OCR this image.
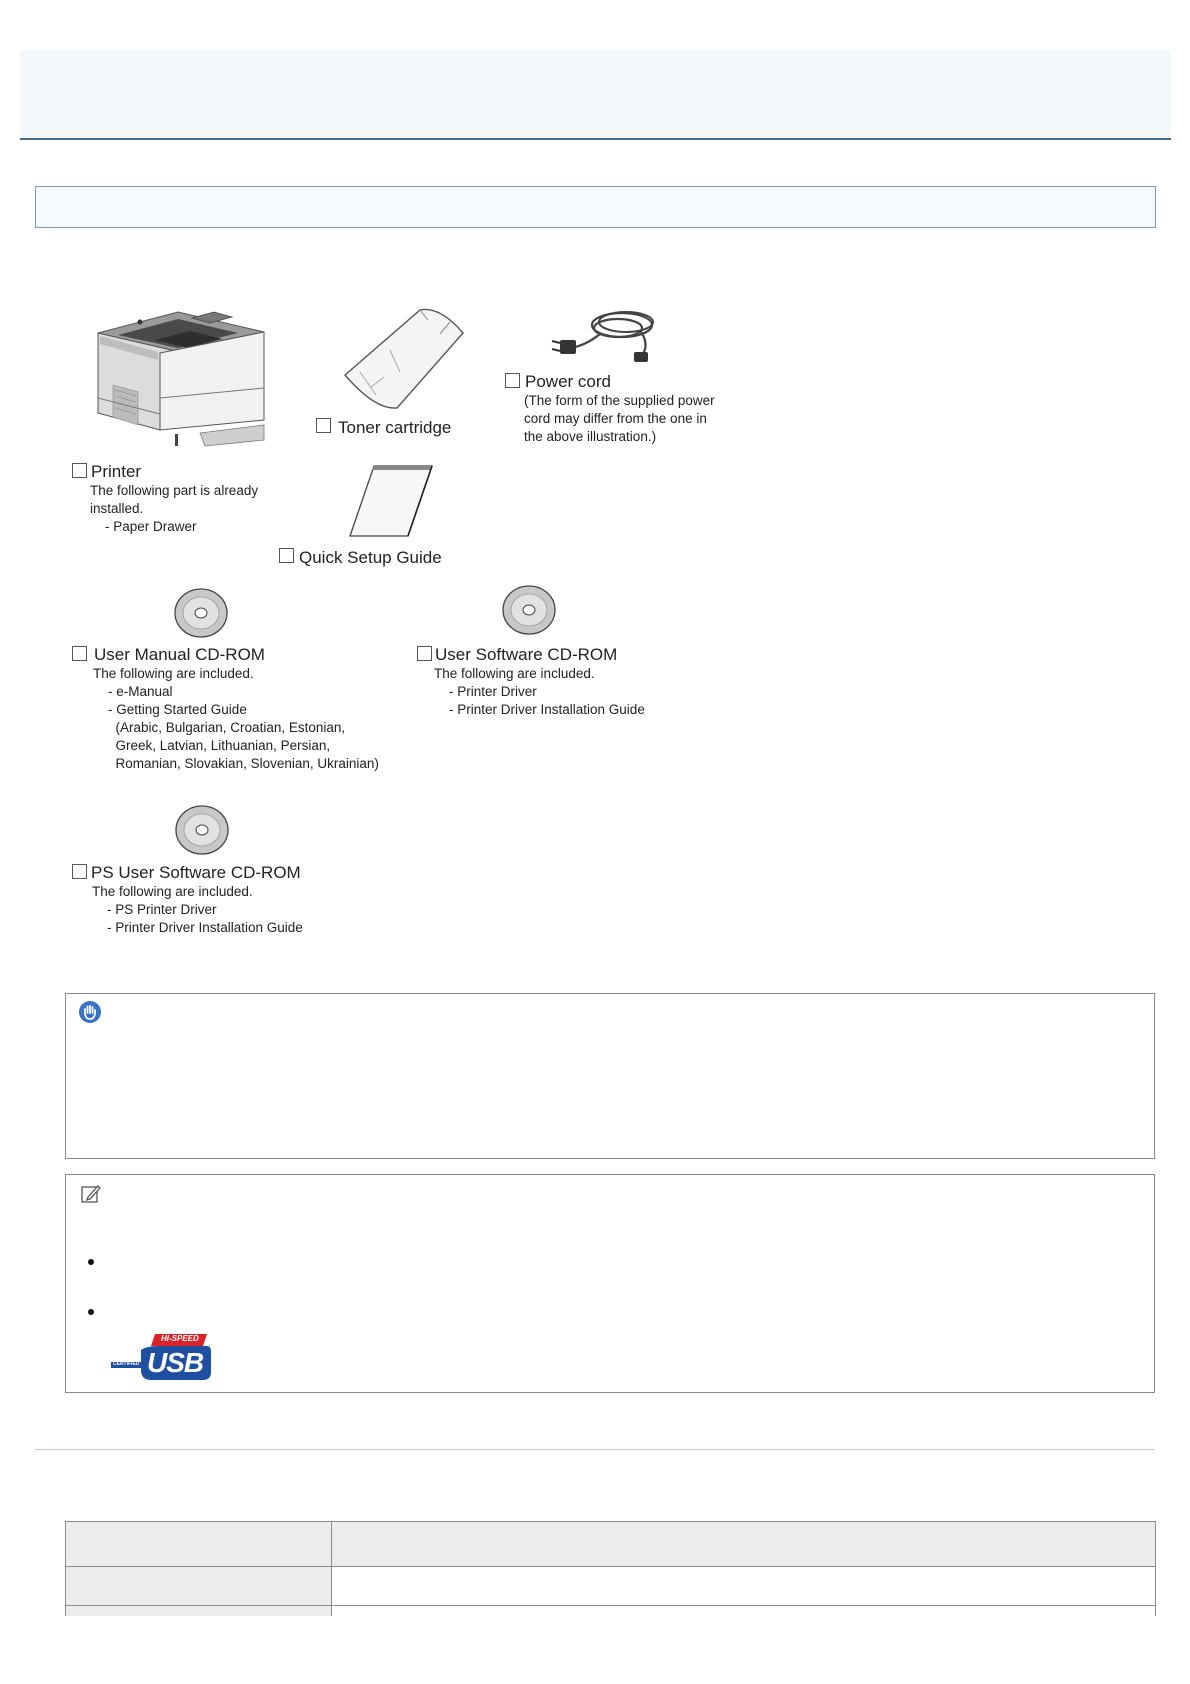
Printer
The following part is already
installed.
- Paper Drawer
Toner cartridge
Power cord
(The form of the supplied power
cord may differ from the one in
the above illustration.)
Quick Setup Guide
User Manual CD-ROM
The following are included.
- e-Manual
- Getting Started Guide
(Arabic, Bulgarian, Croatian, Estonian,
Greek, Latvian, Lithuanian, Persian,
Romanian, Slovakian, Slovenian, Ukrainian)
User Software CD-ROM
The following are included.
- Printer Driver
- Printer Driver Installation Guide
PS User Software CD-ROM
The following are included.
- PS Printer Driver
- Printer Driver Installation Guide
HI-SPEED
CERTIFIED USB
